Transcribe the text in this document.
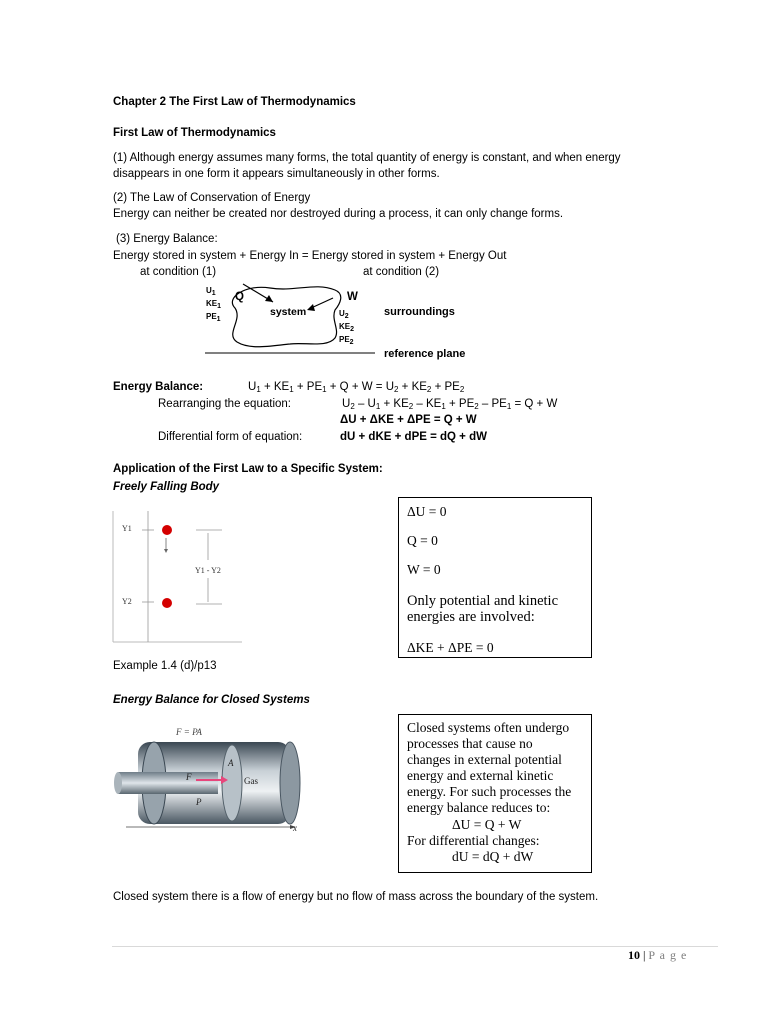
Chapter 2 The First Law of Thermodynamics
First Law of Thermodynamics
(1) Although energy assumes many forms, the total quantity of energy is constant, and when energy
disappears in one form it appears simultaneously in other forms.
(2) The Law of Conservation of Energy
Energy can neither be created nor destroyed during a process, it can only change forms.
(3) Energy Balance:
Energy stored in system + Energy In = Energy stored in system + Energy Out
at condition (1)	at condition (2)
$U_1$
$KE_1$
$PE_1$
Q	W
system	$U_2$
$KE_2$
$PE_2$
surroundings
reference plane
Energy Balance:	$U_1 + KE_1 + PE_1 + Q + W = U_2 + KE_2 + PE_2$
Rearranging the equation:	$U_2 - U_1 + KE_2 - KE_1 + PE_2 - PE_1 = Q + W$
ΔU + ΔKE + ΔPE = Q + W
Differential form of equation:	dU + dKE + dPE = dQ + dW
Application of the First Law to a Specific System:
Freely Falling Body
Y1
Y2
Y1 - Y2
ΔU = 0
Q = 0
W = 0
Only potential and kinetic
energies are involved:
ΔKE + ΔPE = 0
Example 1.4 (d)/p13
Energy Balance for Closed Systems
F = PA
F
P
Gas
A
x
Closed systems often undergo
processes that cause no
changes in external potential
energy and external kinetic
energy. For such processes the
energy balance reduces to:
ΔU = Q + W
For differential changes:
dU = dQ + dW
Closed system there is a flow of energy but no flow of mass across the boundary of the system.
10 | P a g e
